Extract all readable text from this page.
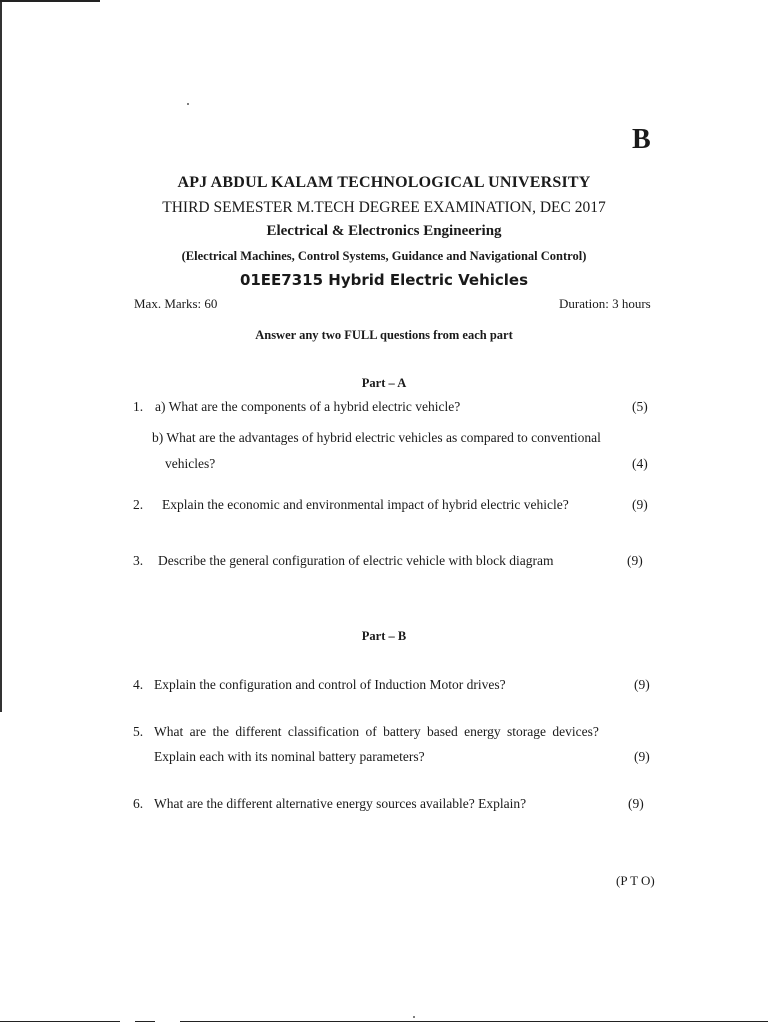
B
APJ ABDUL KALAM TECHNOLOGICAL UNIVERSITY
THIRD SEMESTER M.TECH DEGREE EXAMINATION, DEC 2017
Electrical & Electronics Engineering
(Electrical Machines, Control Systems, Guidance and Navigational Control)
01EE7315 Hybrid Electric Vehicles
Max. Marks: 60	Duration: 3 hours
Answer any two FULL questions from each part
Part – A
1. a) What are the components of a hybrid electric vehicle?	(5)
b) What are the advantages of hybrid electric vehicles as compared to conventional
vehicles?	(4)
2. Explain the economic and environmental impact of hybrid electric vehicle?	(9)
3. Describe the general configuration of electric vehicle with block diagram	(9)
Part – B
4. Explain the configuration and control of Induction Motor drives?	(9)
5. What are the different classification of battery based energy storage devices?
Explain each with its nominal battery parameters?	(9)
6. What are the different alternative energy sources available? Explain?	(9)
(P T O)
